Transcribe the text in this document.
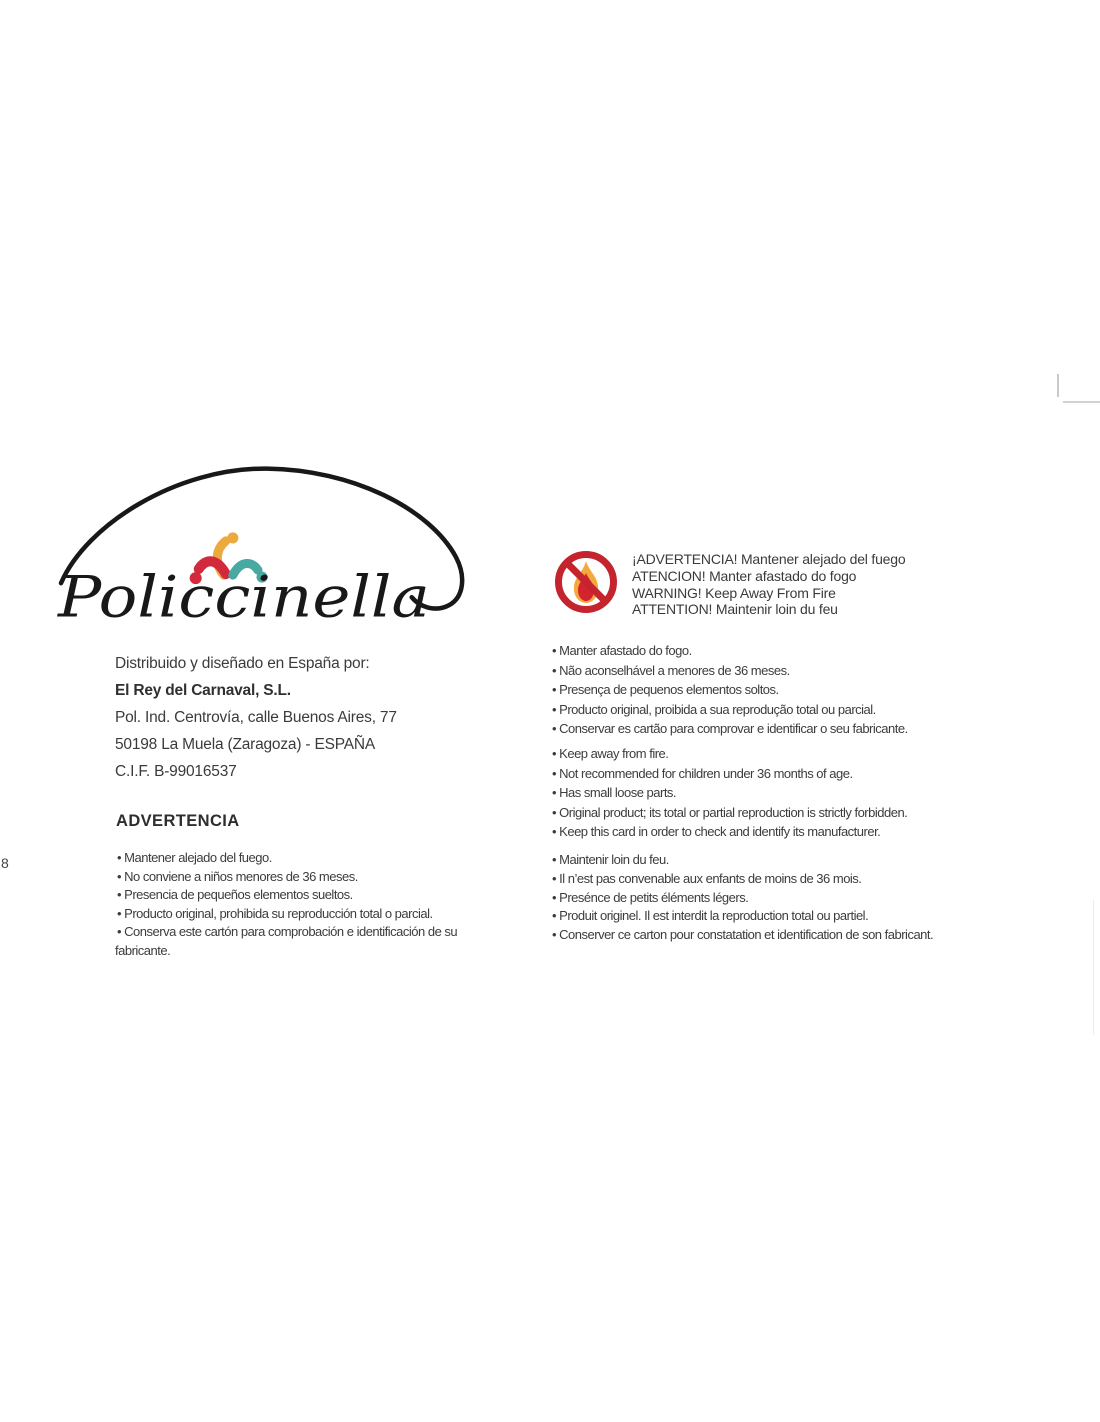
Policcinella
Distribuido y diseñado en España por:
El Rey del Carnaval, S.L.
Pol. Ind. Centrovía, calle Buenos Aires, 77
50198 La Muela (Zaragoza) - ESPAÑA
C.I.F. B-99016537
ADVERTENCIA
• Mantener alejado del fuego.
• No conviene a niños menores de 36 meses.
• Presencia de pequeños elementos sueltos.
• Producto original, prohibida su reproducción total o parcial.
• Conserva este cartón para comprobación e identificación de su fabricante.
¡ADVERTENCIA! Mantener alejado del fuego
ATENCION! Manter afastado do fogo
WARNING! Keep Away From Fire
ATTENTION! Maintenir loin du feu
• Manter afastado do fogo.
• Não aconselhável a menores de 36 meses.
• Presença de pequenos elementos soltos.
• Producto original, proibida a sua reprodução total ou parcial.
• Conservar es cartão para comprovar e identificar o seu fabricante.
• Keep away from fire.
• Not recommended for children under 36 months of age.
• Has small loose parts.
• Original product; its total or partial reproduction is strictly forbidden.
• Keep this card in order to check and identify its manufacturer.
• Maintenir loin du feu.
• Il n’est pas convenable aux enfants de moins de 36 mois.
• Presénce de petits éléments légers.
• Produit originel. Il est interdit la reproduction total ou partiel.
• Conserver ce carton pour constatation et identification de son fabricant.
8
